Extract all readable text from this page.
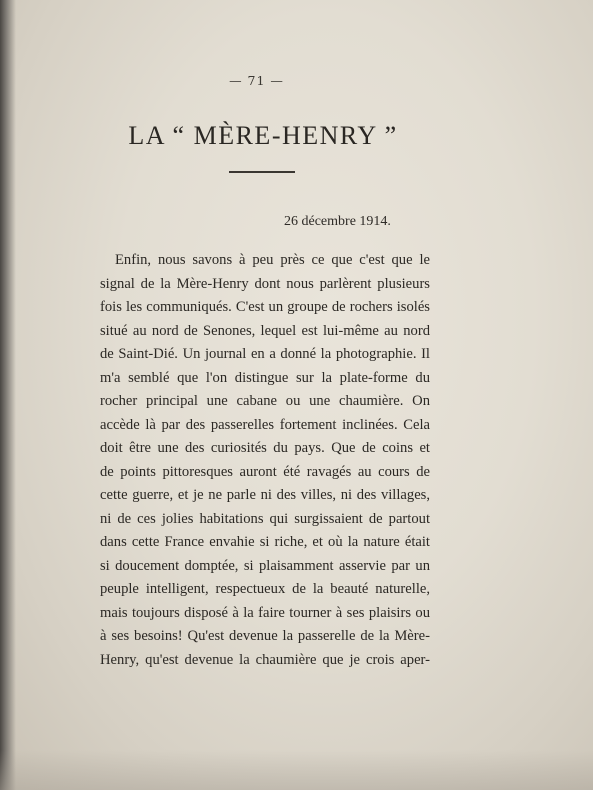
— 71 —
LA “ MÈRE-HENRY ”
26 décembre 1914.
Enfin, nous savons à peu près ce que c'est que le
signal de la Mère-Henry dont nous parlèrent plusieurs
fois les communiqués. C'est un groupe de rochers isolés
situé au nord de Senones, lequel est lui-même au nord
de Saint-Dié. Un journal en a donné la photographie. Il
m'a semblé que l'on distingue sur la plate-forme du
rocher principal une cabane ou une chaumière. On
accède là par des passerelles fortement inclinées. Cela
doit être une des curiosités du pays. Que de coins et
de points pittoresques auront été ravagés au cours de
cette guerre, et je ne parle ni des villes, ni des villages,
ni de ces jolies habitations qui surgissaient de partout
dans cette France envahie si riche, et où la nature était
si doucement domptée, si plaisamment asservie par un
peuple intelligent, respectueux de la beauté naturelle,
mais toujours disposé à la faire tourner à ses plaisirs ou
à ses besoins! Qu'est devenue la passerelle de la Mère-
Henry, qu'est devenue la chaumière que je crois aper-
